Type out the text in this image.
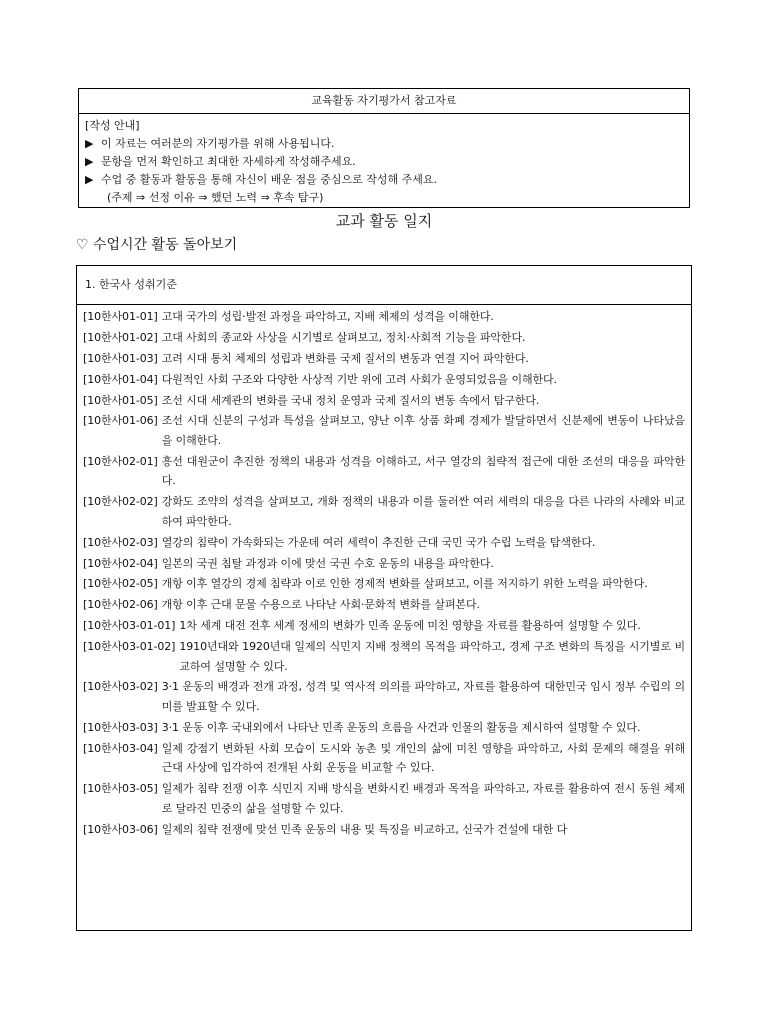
교육활동 자기평가서 참고자료
[작성 안내]
▶ 이 자료는 여러분의 자기평가를 위해 사용됩니다.
▶ 문항을 먼저 확인하고 최대한 자세하게 작성해주세요.
▶ 수업 중 활동과 활동을 통해 자신이 배운 점을 중심으로 작성해 주세요.
(주제 ⇒ 선정 이유 ⇒ 했던 노력 ⇒ 후속 탐구)
교과 활동 일지
♡ 수업시간 활동 돌아보기
1. 한국사 성취기준
[10한사01-01] 고대 국가의 성립·발전 과정을 파악하고, 지배 체제의 성격을 이해한다.
[10한사01-02] 고대 사회의 종교와 사상을 시기별로 살펴보고, 정치·사회적 기능을 파악한다.
[10한사01-03] 고려 시대 통치 체제의 성립과 변화를 국제 질서의 변동과 연결 지어 파악한다.
[10한사01-04] 다원적인 사회 구조와 다양한 사상적 기반 위에 고려 사회가 운영되었음을 이해한다.
[10한사01-05] 조선 시대 세계관의 변화를 국내 정치 운영과 국제 질서의 변동 속에서 탐구한다.
[10한사01-06] 조선 시대 신분의 구성과 특성을 살펴보고, 양난 이후 상품 화폐 경제가 발달하면서 신분제에 변동이 나타났음을 이해한다.
[10한사02-01] 흥선 대원군이 추진한 정책의 내용과 성격을 이해하고, 서구 열강의 침략적 접근에 대한 조선의 대응을 파악한다.
[10한사02-02] 강화도 조약의 성격을 살펴보고, 개화 정책의 내용과 이를 둘러싼 여러 세력의 대응을 다른 나라의 사례와 비교하여 파악한다.
[10한사02-03] 열강의 침략이 가속화되는 가운데 여러 세력이 추진한 근대 국민 국가 수립 노력을 탐색한다.
[10한사02-04] 일본의 국권 침탈 과정과 이에 맞선 국권 수호 운동의 내용을 파악한다.
[10한사02-05] 개항 이후 열강의 경제 침략과 이로 인한 경제적 변화를 살펴보고, 이를 저지하기 위한 노력을 파악한다.
[10한사02-06] 개항 이후 근대 문물 수용으로 나타난 사회·문화적 변화를 살펴본다.
[10한사03-01-01] 1차 세계 대전 전후 세계 정세의 변화가 민족 운동에 미친 영향을 자료를 활용하여 설명할 수 있다.
[10한사03-01-02] 1910년대와 1920년대 일제의 식민지 지배 정책의 목적을 파악하고, 경제 구조 변화의 특징을 시기별로 비교하여 설명할 수 있다.
[10한사03-02] 3·1 운동의 배경과 전개 과정, 성격 및 역사적 의의를 파악하고, 자료를 활용하여 대한민국 임시 정부 수립의 의미를 발표할 수 있다.
[10한사03-03] 3·1 운동 이후 국내외에서 나타난 민족 운동의 흐름을 사건과 인물의 활동을 제시하여 설명할 수 있다.
[10한사03-04] 일제 강점기 변화된 사회 모습이 도시와 농촌 및 개인의 삶에 미친 영향을 파악하고, 사회 문제의 해결을 위해 근대 사상에 입각하여 전개된 사회 운동을 비교할 수 있다.
[10한사03-05] 일제가 침략 전쟁 이후 식민지 지배 방식을 변화시킨 배경과 목적을 파악하고, 자료를 활용하여 전시 동원 체제로 달라진 민중의 삶을 설명할 수 있다.
[10한사03-06] 일제의 침략 전쟁에 맞선 민족 운동의 내용 및 특징을 비교하고, 신국가 건설에 대한 다
